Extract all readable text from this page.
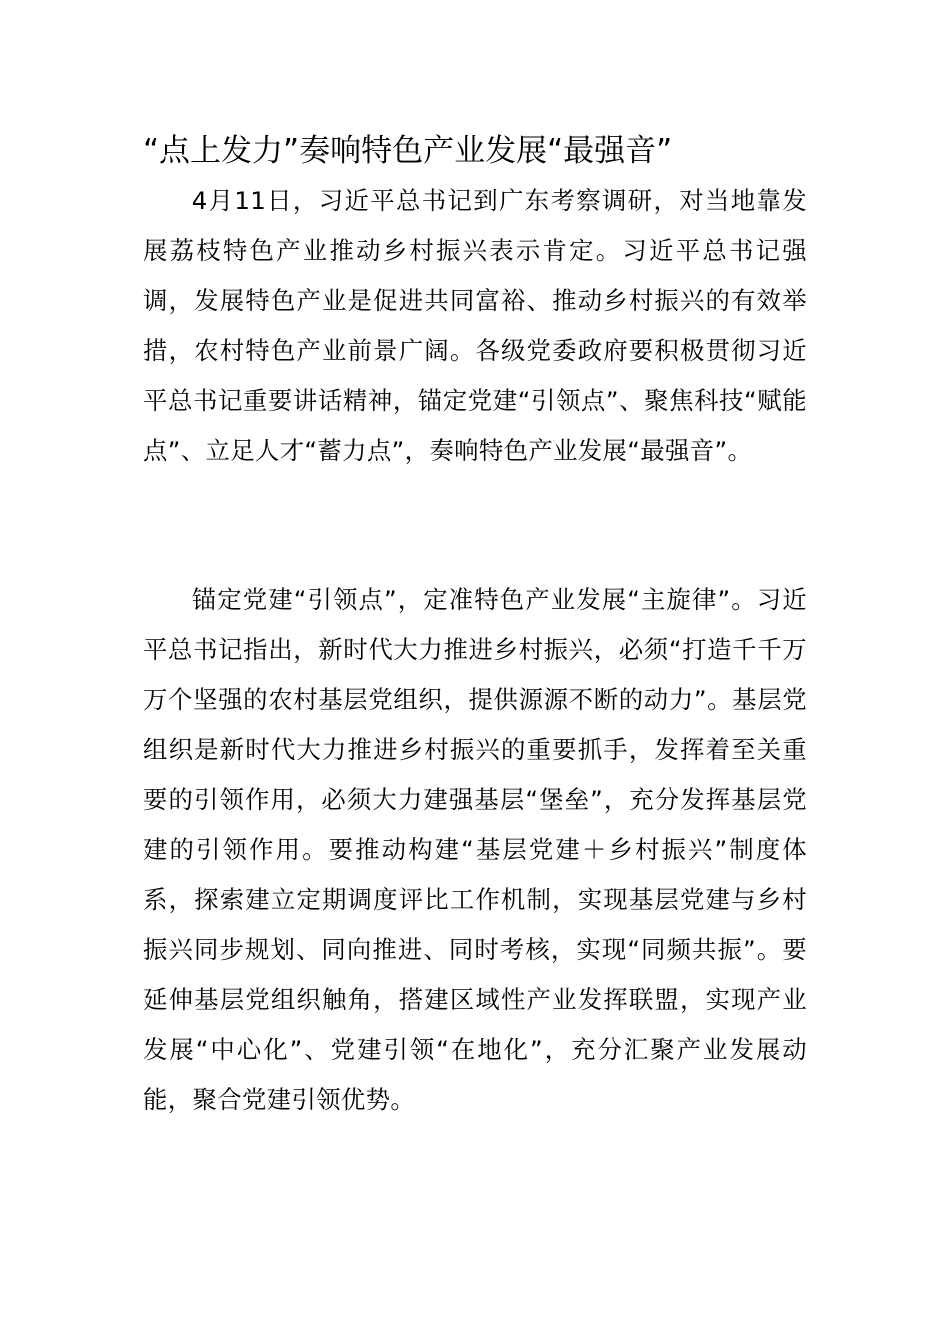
“点上发力”奏响特色产业发展“最强音”

4月11日，习近平总书记到广东考察调研，对当地靠发展荔枝特色产业推动乡村振兴表示肯定。习近平总书记强调，发展特色产业是促进共同富裕、推动乡村振兴的有效举措，农村特色产业前景广阔。各级党委政府要积极贯彻习近平总书记重要讲话精神，锚定党建“引领点”、聚焦科技“赋能点”、立足人才“蓄力点”，奏响特色产业发展“最强音”。

锚定党建“引领点”，定准特色产业发展“主旋律”。习近平总书记指出，新时代大力推进乡村振兴，必须“打造千千万万个坚强的农村基层党组织，提供源源不断的动力”。基层党组织是新时代大力推进乡村振兴的重要抓手，发挥着至关重要的引领作用，必须大力建强基层“堡垒”，充分发挥基层党建的引领作用。要推动构建“基层党建＋乡村振兴”制度体系，探索建立定期调度评比工作机制，实现基层党建与乡村振兴同步规划、同向推进、同时考核，实现“同频共振”。要延伸基层党组织触角，搭建区域性产业发挥联盟，实现产业发展“中心化”、党建引领“在地化”，充分汇聚产业发展动能，聚合党建引领优势。
